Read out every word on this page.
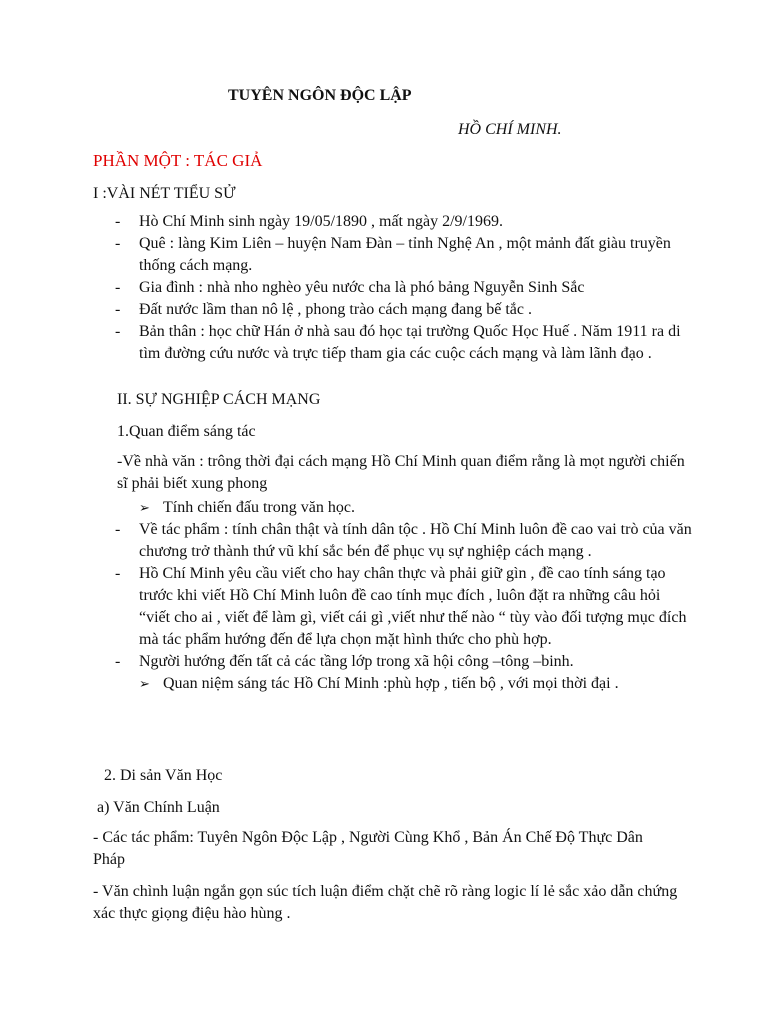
TUYÊN NGÔN ĐỘC LẬP
HỒ CHÍ MINH.
PHẦN MỘT : TÁC GIẢ
I :VÀI NÉT TIỂU SỬ
- Hò Chí Minh sinh ngày 19/05/1890 , mất ngày 2/9/1969.
- Quê : làng Kim Liên – huyện Nam Đàn – tỉnh Nghệ An , một mảnh đất giàu truyền thống cách mạng.
- Gia đình : nhà nho nghèo yêu nước cha là phó bảng Nguyễn Sinh Sắc
- Đất nước lầm than nô lệ , phong trào cách mạng đang bế tắc .
- Bản thân : học chữ Hán ở nhà sau đó học tại trường Quốc Học Huế . Năm 1911 ra di tìm đường cứu nước và trực tiếp tham gia các cuộc cách mạng và làm lãnh đạo .
II. SỰ NGHIỆP CÁCH MẠNG
1.Quan điểm sáng tác

-Về nhà văn : trông thời đại cách mạng Hồ Chí Minh quan điểm rằng là mọt người chiến sĩ phải biết xung phong

➢ Tính chiến đấu trong văn học.
- Về tác phẩm : tính chân thật và tính dân tộc . Hồ Chí Minh luôn đề cao vai trò của văn chương trở thành thứ vũ khí sắc bén để phục vụ sự nghiệp cách mạng .
- Hồ Chí Minh yêu cầu viết cho hay chân thực và phải giữ gìn , đề cao tính sáng tạo trước khi viết Hồ Chí Minh luôn đề cao tính mục đích , luôn đặt ra những câu hỏi “viết cho ai , viết để làm gì, viết cái gì ,viết như thế nào “ tùy vào đối tượng mục đích mà tác phẩm hướng đến để lựa chọn mặt hình thức cho phù hợp.
- Người hướng đến tất cả các tầng lớp trong xã hội công –tông –binh.
➢ Quan niệm sáng tác Hồ Chí Minh :phù hợp , tiến bộ , với mọi thời đại .
2. Di sản Văn Học
a) Văn Chính Luận

- Các tác phẩm: Tuyên Ngôn Độc Lập , Người Cùng Khổ , Bản Án Chế Độ Thực Dân Pháp

- Văn chình luận ngắn gọn súc tích luận điểm chặt chẽ rõ ràng logic lí lẻ sắc xảo dẫn chứng xác thực giọng điệu hào hùng .
